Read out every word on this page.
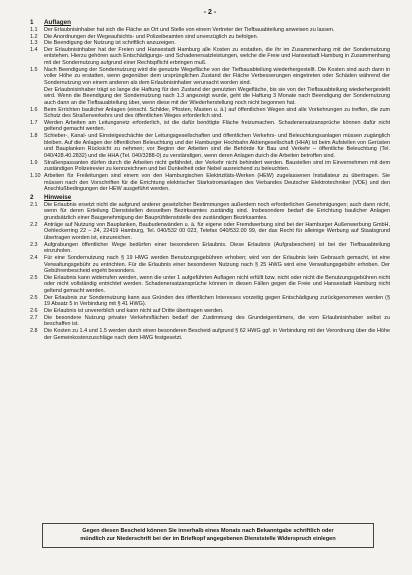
- 2 -
1	Auflagen
1.1	Der Erlaubnisinhaber hat sich die Fläche an Ort und Stelle von einem Vertreter der Tiefbauabteilung anweisen zu lassen.

1.2	Die Anordnungen der Wegeaufsichts- und Polizeibeamten sind unverzüglich zu befolgen.

1.3	Die Beendigung der Nutzung ist schriftlich anzuzeigen.

1.4	Der Erlaubnisinhaber hat der Freien und Hansestadt Hamburg alle Kosten zu erstatten, die ihr im Zusammenhang mit der Sondernutzung entstehen. Hierzu gehören auch Entschädigungs- und Schadenersatzleistungen, welche die Freie und Hansestadt Hamburg in Zusammenhang mit der Sondernutzung aufgrund einer Rechtspflicht erbringen muß.

1.5	Nach Beendigung der Sondernutzung wird die genutzte Wegefläche von der Tiefbauabteilung wiederhergestellt. Die Kosten sind auch dann in voller Höhe zu erstatten, wenn gegenüber dem ursprünglichen Zustand der Fläche Verbesserungen eingetreten oder Schäden während der Sondernutzung von einem anderen als dem Erlaubnisinhaber verursacht worden sind.

Der Erlaubnisinhaber trägt so lange die Haftung für den Zustand der genutzten Wegefläche, bis sie von der Tiefbauabteilung wiederhergestellt wird. Wenn die Beendigung der Sondernutzung nach 1.3 angezeigt wurde, geht die Haftung 3 Monate nach Beendigung der Sondernutzung auch dann an die Tiefbauabteilung über, wenn diese mit der Wiederherstellung noch nicht begonnen hat.

1.6	Beim Errichten baulicher Anlagen (einschl. Schilder, Pfosten, Masten u. ä.) auf öffentlichen Wegen sind alle Vorkehrungen zu treffen, die zum Schutz des Straßenverkehrs und des öffentlichen Weges erforderlich sind.

1.7	Werden Arbeiten am Leitungsnetz erforderlich, ist die dafür benötigte Fläche freizumachen. Schadenersatzansprüche können dafür nicht geltend gemacht werden.

1.8	Schieber-, Kanal- und Einsteigeschächte der Leitungsgesellschaften und öffentlichen Verkehrs- und Beleuchtungsanlagen müssen zugänglich bleiben. Auf die Anlagen der öffentlichen Beleuchtung und der Hamburger Hochbahn Aktiengesellschaft (HHA) ist beim Aufstellen von Gerüsten und Bauplanken Rücksicht zu nehmen; vor Beginn der Arbeiten sind die Behörde für Bau und Verkehr – öffentliche Beleuchtung (Tel. 040/428.40.2832) und die HHA (Tel. 040/3288-0) zu verständigen, wenn deren Anlagen durch die Arbeiten betroffen sind.

1.9	Straßenpassanten dürfen durch die Arbeiten nicht gefährdet, der Verkehr nicht behindert werden. Baustellen sind im Einvernehmen mit dem zuständigen Polizeirevier zu kennzeichnen und bei Dunkelheit oder Nebel ausreichend zu beleuchten.

1.10 Arbeiten für Freileitungen sind einem von den Hamburgischen Elektrizitäts-Werken (HEW) zugelassenen Installateur zu übertragen. Sie müssen nach den Vorschriften für die Errichtung elektrischer Starkstromanlagen des Verbandes Deutscher Elektrotechniker (VDE) und den Anschlußbedingungen der HEW ausgeführt werden.

2	Hinweise
2.1	Die Erlaubnis ersetzt nicht die aufgrund anderer gesetzlicher Bestimmungen außerdem noch erforderlichen Genehmigungen; auch dann nicht, wenn für deren Erteilung Dienststellen desselben Bezirksamtes zuständig sind. Insbesondere bedarf die Errichtung baulicher Anlagen grundsätzlich einer Baugenehmigung der Bauprüfdienststelle des zuständigen Bezirksamtes.

2.2	Anträge auf Nutzung von Bauplanken, Baubudenwänden u. ä. für eigene oder Fremdwerbung sind bei der Hamburger Außenwerbung GmbH, Oehleckerring 22 – 24, 22419 Hamburg, Tel. 040/532 00 023, Telefax 040/532.00 99, der das Recht für alleinige Werbung auf Staatsgrund übertragen worden ist, einzureichen.

2.3	Aufgrabungen öffentlicher Wege bedürfen einer besonderen Erlaubnis. Diese Erlaubnis (Aufgrabeschein) ist bei der Tiefbauabteilung einzuholen.

2.4	Für eine Sondernutzung nach § 19 HWG werden Benutzungsgebühren erhoben; wird von der Erlaubnis kein Gebrauch gemacht, ist eine Verwaltungsgebühr zu entrichten. Für die Erlaubnis einer besonderen Nutzung nach § 25 HWG wird eine Verwaltungsgebühr erhoben. Der Gebührenbescheid ergeht besonders.

2.5	Die Erlaubnis kann widerrufen werden, wenn die unter 1 aufgeführten Auflagen nicht erfüllt bzw. nicht oder nicht die Benutzungsgebühren nicht oder nicht vollständig entrichtet werden. Schadenersatzansprüche können in diesen Fällen gegen die Freie und Hansestadt Hamburg nicht geltend gemacht werden.

2.5	Der Erlaubnis zur Sondernutzung kann aus Gründen des öffentlichen Interesses vorzeitig gegen Entschädigung zurückgenommen werden (§ 19 Absatz 5 in Verbindung mit § 41 HWG).

2.6	Die Erlaubnis ist unvererblich und kann nicht auf Dritte übertragen werden.

2.7	Die besondere Nutzung privater Verkehrsflächen bedarf der Zustimmung des Grundeigentümers, die vom Erlaubnisinhaber selbst zu beschaffen ist.

2.8	Die Kosten zu 1.4 und 1.5 werden durch einen besonderen Bescheid aufgrund § 62 HWG ggf. in Verbindung mit der Verordnung über die Höhe der Gemeinkostenzuschläge nach dem HWG festgesetzt.

Gegen diesen Bescheid können Sie innerhalb eines Monats nach Bekanntgabe schriftlich oder
mündlich zur Niederschrift bei der im Briefkopf angegebenen Dienststelle Widerspruch einlegen
